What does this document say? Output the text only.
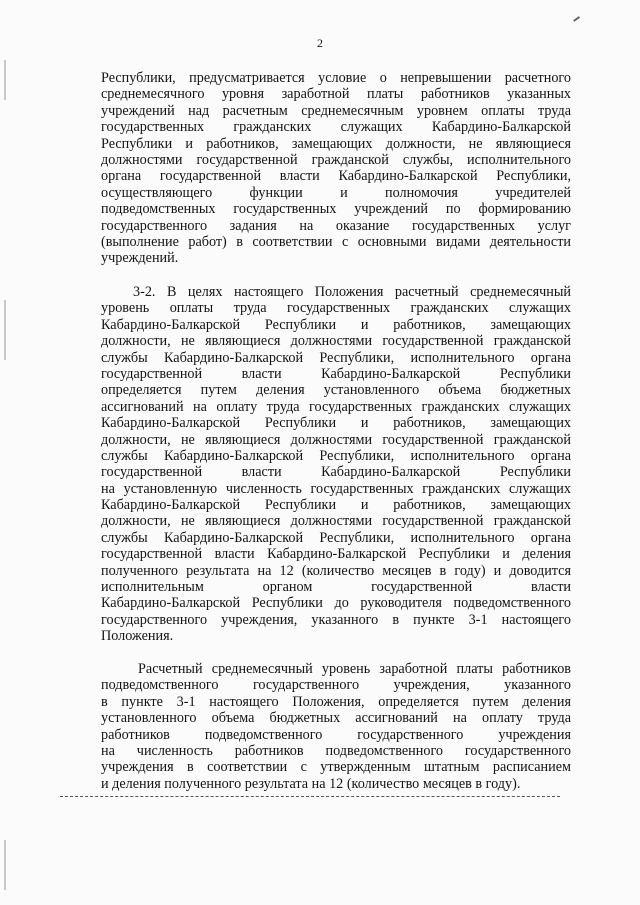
2
Республики, предусматривается условие о непревышении расчетного
среднемесячного уровня заработной платы работников указанных
учреждений над расчетным среднемесячным уровнем оплаты труда
государственных гражданских служащих Кабардино-Балкарской
Республики и работников, замещающих должности, не являющиеся
должностями государственной гражданской службы, исполнительного
органа государственной власти Кабардино-Балкарской Республики,
осуществляющего функции и полномочия учредителей
подведомственных государственных учреждений по формированию
государственного задания на оказание государственных услуг
(выполнение работ) в соответствии с основными видами деятельности
учреждений.
3-2. В целях настоящего Положения расчетный среднемесячный
уровень оплаты труда государственных гражданских служащих
Кабардино-Балкарской Республики и работников, замещающих
должности, не являющиеся должностями государственной гражданской
службы Кабардино-Балкарской Республики, исполнительного органа
государственной власти Кабардино-Балкарской Республики
определяется путем деления установленного объема бюджетных
ассигнований на оплату труда государственных гражданских служащих
Кабардино-Балкарской Республики и работников, замещающих
должности, не являющиеся должностями государственной гражданской
службы Кабардино-Балкарской Республики, исполнительного органа
государственной власти Кабардино-Балкарской Республики
на установленную численность государственных гражданских служащих
Кабардино-Балкарской Республики и работников, замещающих
должности, не являющиеся должностями государственной гражданской
службы Кабардино-Балкарской Республики, исполнительного органа
государственной власти Кабардино-Балкарской Республики и деления
полученного результата на 12 (количество месяцев в году) и доводится
исполнительным органом государственной власти
Кабардино-Балкарской Республики до руководителя подведомственного
государственного учреждения, указанного в пункте 3-1 настоящего
Положения.
Расчетный среднемесячный уровень заработной платы работников
подведомственного государственного учреждения, указанного
в пункте 3-1 настоящего Положения, определяется путем деления
установленного объема бюджетных ассигнований на оплату труда
работников подведомственного государственного учреждения
на численность работников подведомственного государственного
учреждения в соответствии с утвержденным штатным расписанием
и деления полученного результата на 12 (количество месяцев в году).
